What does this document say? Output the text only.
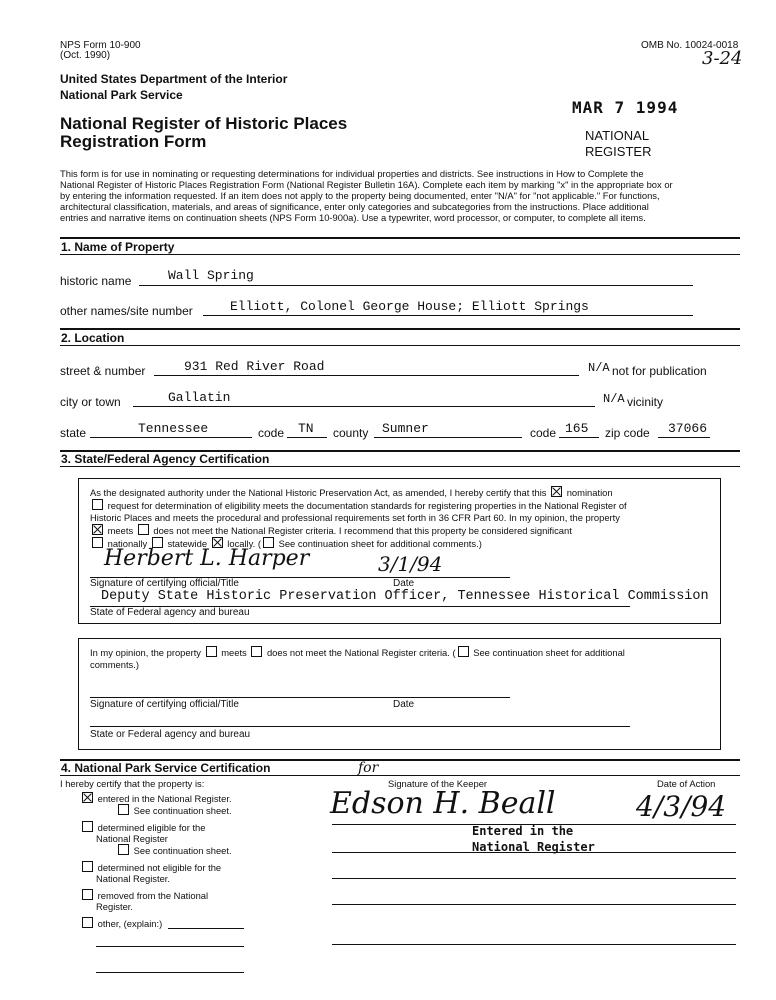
NPS Form 10-900
(Oct. 1990)
OMB No. 10024-0018
3-24
United States Department of the Interior
National Park Service
National Register of Historic Places
Registration Form
MAR 7 1994
NATIONAL
REGISTER
This form is for use in nominating or requesting determinations for individual properties and districts. See instructions in How to Complete the
National Register of Historic Places Registration Form (National Register Bulletin 16A). Complete each item by marking "x" in the appropriate box or
by entering the information requested. If an item does not apply to the property being documented, enter "N/A" for "not applicable." For functions,
architectural classification, materials, and areas of significance, enter only categories and subcategories from the instructions. Place additional
entries and narrative items on continuation sheets (NPS Form 10-900a). Use a typewriter, word processor, or computer, to complete all items.
1. Name of Property
historic name	Wall Spring
other names/site number	Elliott, Colonel George House; Elliott Springs
2. Location
street & number	931 Red River Road	N/A not for publication
city or town	Gallatin	N/A vicinity
state	Tennessee	code TN county Sumner	code 165 zip code 37066
3. State/Federal Agency Certification
As the designated authority under the National Historic Preservation Act, as amended, I hereby certify that this nomination
request for determination of eligibility meets the documentation standards for registering properties in the National Register of
Historic Places and meets the procedural and professional requirements set forth in 36 CFR Part 60. In my opinion, the property
meets does not meet the National Register criteria. I recommend that this property be considered significant
nationally statewide locally. ( See continuation sheet for additional comments.)
Herbert L. Harper	3/1/94
Signature of certifying official/Title	Date
Deputy State Historic Preservation Officer, Tennessee Historical Commission
State of Federal agency and bureau
In my opinion, the property meets does not meet the National Register criteria. ( See continuation sheet for additional
comments.)
Signature of certifying official/Title	Date
State or Federal agency and bureau
4. National Park Service Certification
I hereby certify that the property is:
for
Signature of the Keeper	Date of Action
Edson H. Beall	4/3/94
Entered in the
National Register
entered in the National Register.
See continuation sheet.
determined eligible for the
National Register
See continuation sheet.
determined not eligible for the
National Register.
removed from the National
Register.
other, (explain:)
